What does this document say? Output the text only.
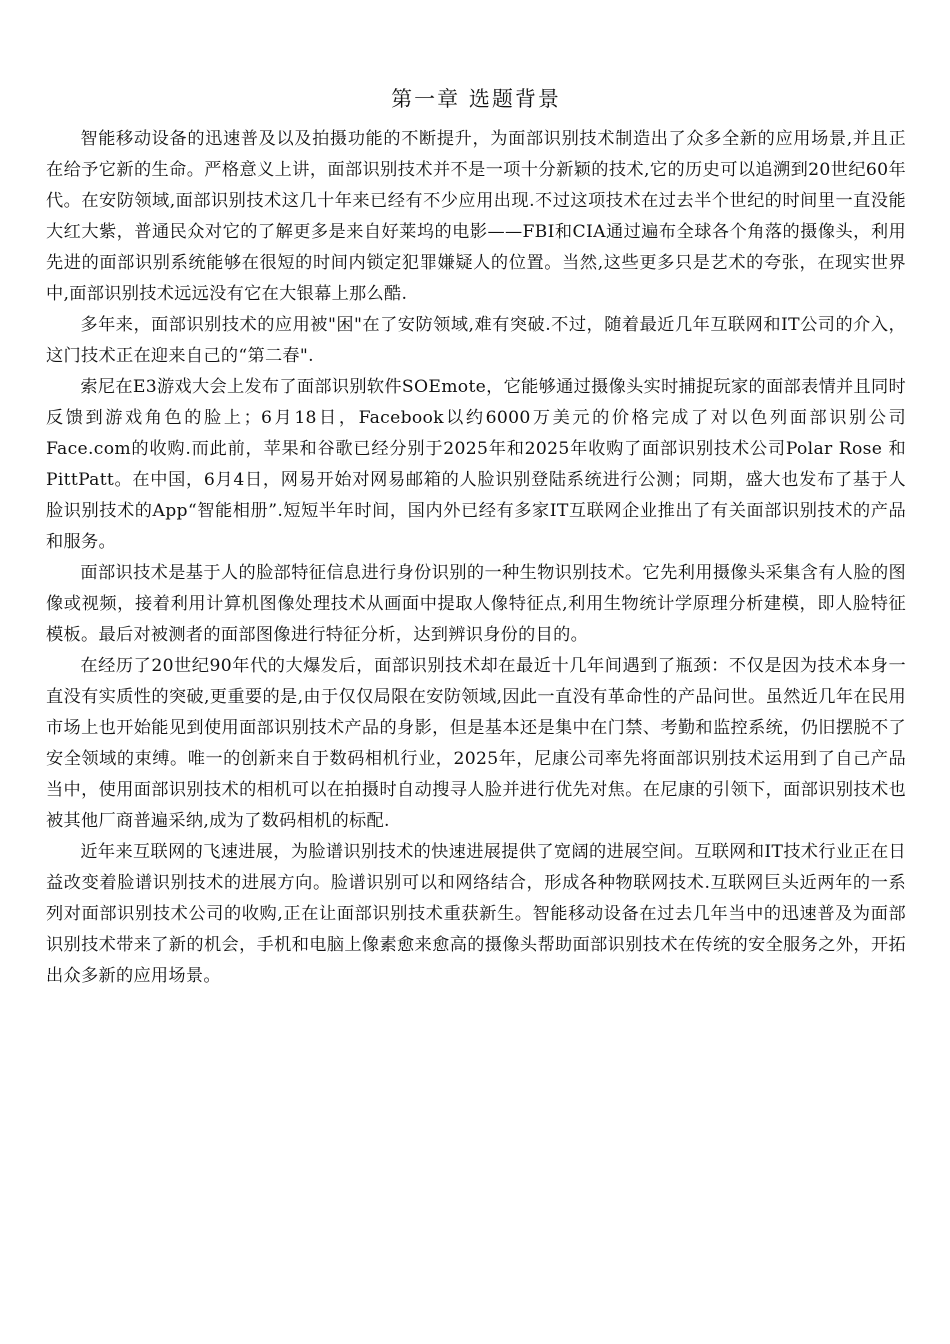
第一章 选题背景

智能移动设备的迅速普及以及拍摄功能的不断提升，为面部识别技术制造出了众多全新的应用场景,并且正在给予它新的生命。严格意义上讲，面部识别技术并不是一项十分新颖的技术,它的历史可以追溯到20世纪60年代。在安防领域,面部识别技术这几十年来已经有不少应用出现.不过这项技术在过去半个世纪的时间里一直没能大红大紫，普通民众对它的了解更多是来自好莱坞的电影——FBI和CIA通过遍布全球各个角落的摄像头，利用先进的面部识别系统能够在很短的时间内锁定犯罪嫌疑人的位置。当然,这些更多只是艺术的夸张，在现实世界中,面部识别技术远远没有它在大银幕上那么酷.

多年来，面部识别技术的应用被"困"在了安防领域,难有突破.不过，随着最近几年互联网和IT公司的介入，这门技术正在迎来自己的“第二春".

索尼在E3游戏大会上发布了面部识别软件SOEmote，它能够通过摄像头实时捕捉玩家的面部表情并且同时反馈到游戏角色的脸上；6月18日，Facebook以约6000万美元的价格完成了对以色列面部识别公司Face.com的收购.而此前，苹果和谷歌已经分别于2025年和2025年收购了面部识别技术公司Polar Rose 和PittPatt。在中国，6月4日，网易开始对网易邮箱的人脸识别登陆系统进行公测；同期，盛大也发布了基于人脸识别技术的App“智能相册”.短短半年时间，国内外已经有多家IT互联网企业推出了有关面部识别技术的产品和服务。

面部识技术是基于人的脸部特征信息进行身份识别的一种生物识别技术。它先利用摄像头采集含有人脸的图像或视频，接着利用计算机图像处理技术从画面中提取人像特征点,利用生物统计学原理分析建模，即人脸特征模板。最后对被测者的面部图像进行特征分析，达到辨识身份的目的。

在经历了20世纪90年代的大爆发后，面部识别技术却在最近十几年间遇到了瓶颈：不仅是因为技术本身一直没有实质性的突破,更重要的是,由于仅仅局限在安防领域,因此一直没有革命性的产品问世。虽然近几年在民用市场上也开始能见到使用面部识别技术产品的身影，但是基本还是集中在门禁、考勤和监控系统，仍旧摆脱不了安全领域的束缚。唯一的创新来自于数码相机行业，2025年，尼康公司率先将面部识别技术运用到了自己产品当中，使用面部识别技术的相机可以在拍摄时自动搜寻人脸并进行优先对焦。在尼康的引领下，面部识别技术也被其他厂商普遍采纳,成为了数码相机的标配.

近年来互联网的飞速进展，为脸谱识别技术的快速进展提供了宽阔的进展空间。互联网和IT技术行业正在日益改变着脸谱识别技术的进展方向。脸谱识别可以和网络结合，形成各种物联网技术.互联网巨头近两年的一系列对面部识别技术公司的收购,正在让面部识别技术重获新生。智能移动设备在过去几年当中的迅速普及为面部识别技术带来了新的机会，手机和电脑上像素愈来愈高的摄像头帮助面部识别技术在传统的安全服务之外，开拓出众多新的应用场景。
